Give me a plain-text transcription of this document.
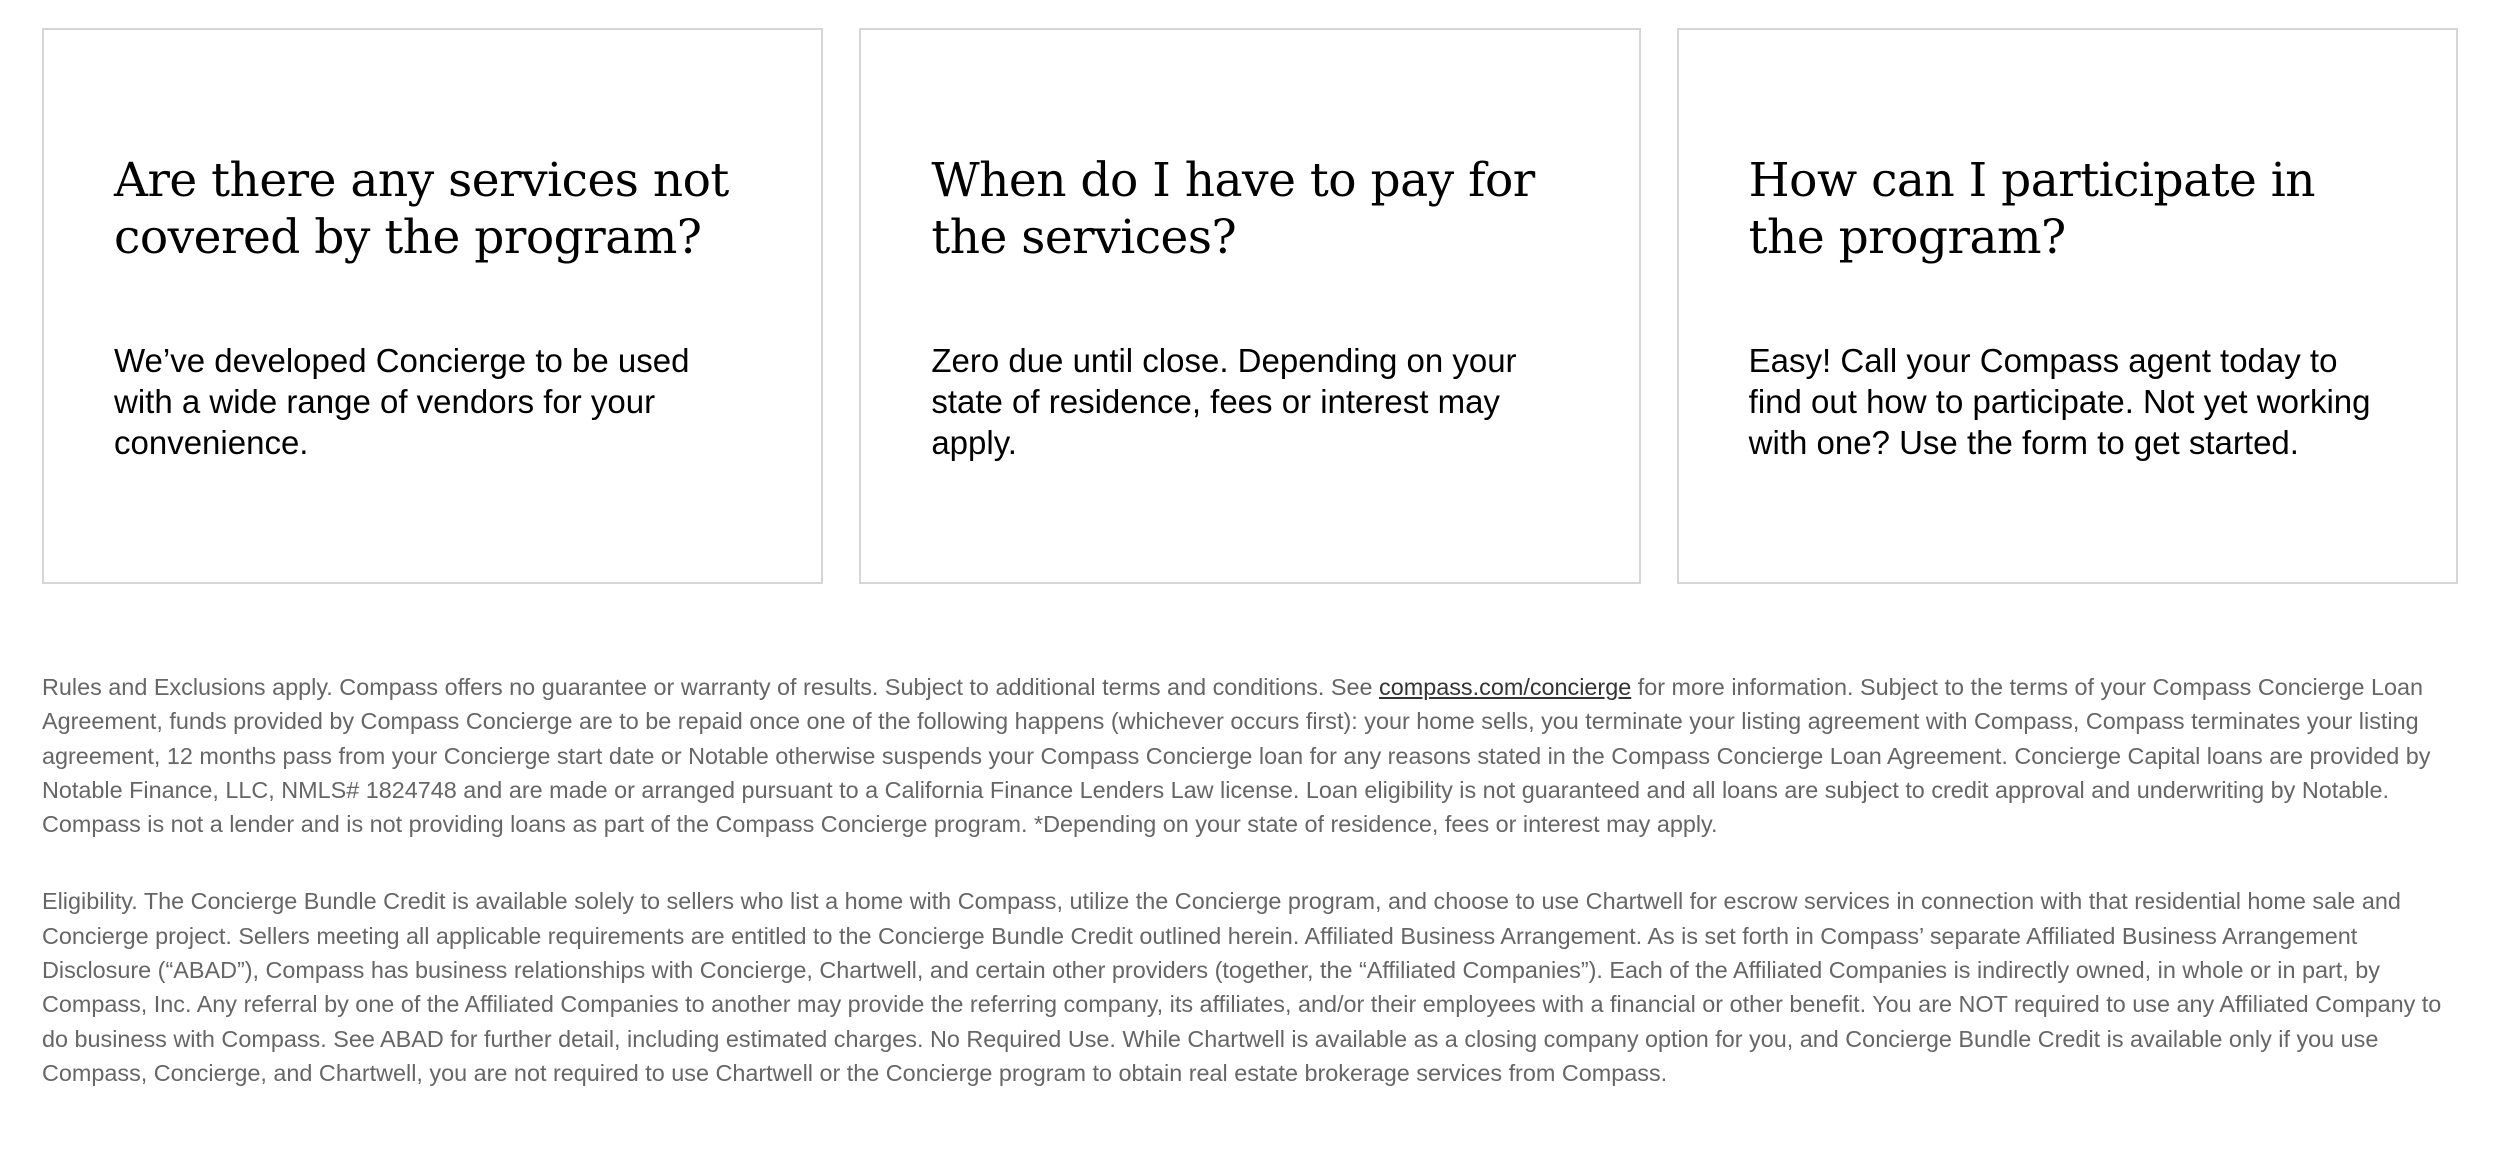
Are there any services not covered by the program?

We’ve developed Concierge to be used with a wide range of vendors for your convenience.

When do I have to pay for the services?

Zero due until close. Depending on your state of residence, fees or interest may apply.

How can I participate in the program?

Easy! Call your Compass agent today to find out how to participate. Not yet working with one? Use the form to get started.

Rules and Exclusions apply. Compass offers no guarantee or warranty of results. Subject to additional terms and conditions. See compass.com/concierge for more information. Subject to the terms of your Compass Concierge Loan Agreement, funds provided by Compass Concierge are to be repaid once one of the following happens (whichever occurs first): your home sells, you terminate your listing agreement with Compass, Compass terminates your listing agreement, 12 months pass from your Concierge start date or Notable otherwise suspends your Compass Concierge loan for any reasons stated in the Compass Concierge Loan Agreement. Concierge Capital loans are provided by Notable Finance, LLC, NMLS# 1824748 and are made or arranged pursuant to a California Finance Lenders Law license. Loan eligibility is not guaranteed and all loans are subject to credit approval and underwriting by Notable. Compass is not a lender and is not providing loans as part of the Compass Concierge program. *Depending on your state of residence, fees or interest may apply.

Eligibility. The Concierge Bundle Credit is available solely to sellers who list a home with Compass, utilize the Concierge program, and choose to use Chartwell for escrow services in connection with that residential home sale and Concierge project. Sellers meeting all applicable requirements are entitled to the Concierge Bundle Credit outlined herein. Affiliated Business Arrangement. As is set forth in Compass’ separate Affiliated Business Arrangement Disclosure (“ABAD”), Compass has business relationships with Concierge, Chartwell, and certain other providers (together, the “Affiliated Companies”). Each of the Affiliated Companies is indirectly owned, in whole or in part, by Compass, Inc. Any referral by one of the Affiliated Companies to another may provide the referring company, its affiliates, and/or their employees with a financial or other benefit. You are NOT required to use any Affiliated Company to do business with Compass. See ABAD for further detail, including estimated charges. No Required Use. While Chartwell is available as a closing company option for you, and Concierge Bundle Credit is available only if you use Compass, Concierge, and Chartwell, you are not required to use Chartwell or the Concierge program to obtain real estate brokerage services from Compass.
